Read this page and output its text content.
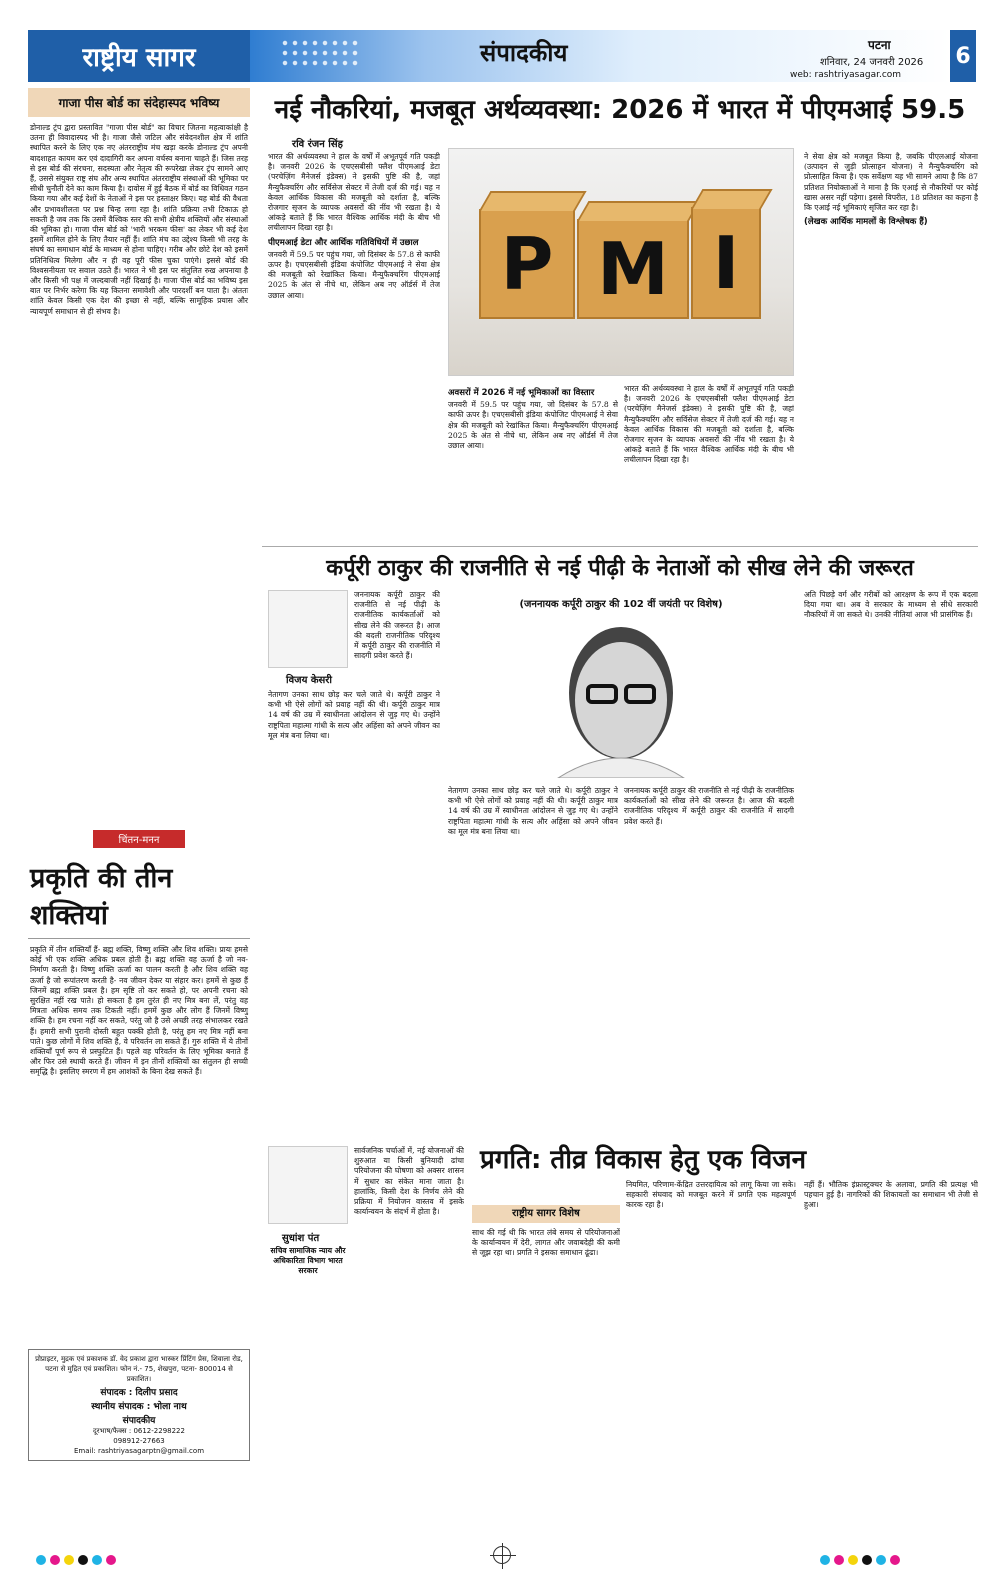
राष्ट्रीय सागर	संपादकीय	पटना
शनिवार, 24 जनवरी 2026
web: rashtriyasagar.com
6
गाजा पीस बोर्ड का संदेहास्पद भविष्य
डोनाल्ड ट्रंप द्वारा प्रस्तावित "गाजा पीस बोर्ड" का विचार जितना महत्वाकांक्षी है उतना ही विवादास्पद भी है। गाजा जैसे जटिल और संवेदनशील क्षेत्र में शांति स्थापित करने के लिए एक नए अंतरराष्ट्रीय मंच खड़ा करके डोनाल्ड ट्रंप अपनी बादशाहत कायम कर एवं दादागिरी कर अपना वर्चस्व बनाना चाहते हैं। जिस तरह से इस बोर्ड की संरचना, सदस्यता और नेतृत्व की रूपरेखा लेकर ट्रंप सामने आए हैं, उससे संयुक्त राष्ट्र संघ और अन्य स्थापित अंतरराष्ट्रीय संस्थाओं की भूमिका पर सीधी चुनौती देने का काम किया है। दावोस में हुई बैठक में बोर्ड का विधिवत गठन किया गया और कई देशों के नेताओं ने इस पर हस्ताक्षर किए। यह बोर्ड की वैधता और प्रभावशीलता पर प्रश्न चिन्ह लगा रहा है। शांति प्रक्रिया तभी टिकाऊ हो सकती है जब तक कि उसमें वैश्विक स्तर की सभी क्षेत्रीय शक्तियों और संस्थाओं की भूमिका हो। गाजा पीस बोर्ड को 'भारी भरकम फीस' का लेकर भी कई देश इसमें शामिल होने के लिए तैयार नहीं हैं। शांति मंच का उद्देश्य किसी भी तरह के संघर्ष का समाधान बोर्ड के माध्यम से होना चाहिए। गरीब और छोटे देश को इसमें प्रतिनिधित्व मिलेगा और न ही वह पूरी फीस चुका पाएंगे। इससे बोर्ड की विश्वसनीयता पर सवाल उठते हैं। भारत ने भी इस पर संतुलित रुख अपनाया है और किसी भी पक्ष में जल्दबाजी नहीं दिखाई है। गाजा पीस बोर्ड का भविष्य इस बात पर निर्भर करेगा कि यह कितना समावेशी और पारदर्शी बन पाता है। अंततः शांति केवल किसी एक देश की इच्छा से नहीं, बल्कि सामूहिक प्रयास और न्यायपूर्ण समाधान से ही संभव है।
चिंतन-मनन
प्रकृति की तीन शक्तियां
प्रकृति में तीन शक्तियाँ हैं- ब्रह्म शक्ति, विष्णु शक्ति और शिव शक्ति। प्रायः हमसे कोई भी एक शक्ति अधिक प्रबल होती है। ब्रह्म शक्ति वह ऊर्जा है जो नव-निर्माण करती है। विष्णु शक्ति ऊर्जा का पालन करती है और शिव शक्ति वह ऊर्जा है जो रूपांतरण करती है- नव जीवन देकर या संहार कर। हममें से कुछ हैं जिनमें ब्रह्म शक्ति प्रबल है। हम सृष्टि तो कर सकते हो, पर अपनी रचना को सुरक्षित नहीं रख पाते। हो सकता है हम तुरंत ही नए मित्र बना लें, परंतु वह मित्रता अधिक समय तक टिकती नहीं। हममें कुछ और लोग हैं जिनमें विष्णु शक्ति है। हम रचना नहीं कर सकते, परंतु जो है उसे अच्छी तरह संभालकर रखते हैं। हमारी सभी पुरानी दोस्ती बहुत पक्की होती है, परंतु हम नए मित्र नहीं बना पाते। कुछ लोगों में शिव शक्ति है, वे परिवर्तन ला सकते हैं। गुरु शक्ति में ये तीनों शक्तियाँ पूर्ण रूप से प्रस्फुटित हैं। पहले वह परिवर्तन के लिए भूमिका बनाते हैं और फिर उसे स्थायी करते हैं। जीवन में इन तीनों शक्तियों का संतुलन ही सच्ची समृद्धि है। इसलिए स्मरण में हम आशंकों के बिना देख सकते हैं।
प्रोप्राइटर, मुद्रक एवं प्रकाशक डॉ. वेद प्रकाश द्वारा भास्कर प्रिंटिंग प्रेस, शिवाला रोड, पटना से मुद्रित एवं प्रकाशित। फोन नं.- 75, शेखपुरा, पटना- 800014 से प्रकाशित।
संपादक : दिलीप प्रसाद
स्थानीय संपादक : भोला नाथ
संपादकीय
दूरभाष/फैक्स : 0612-2298222
098912-27663
Email: rashtriyasagarptn@gmail.com
नई नौकरियां, मजबूत अर्थव्यवस्था: 2026 में भारत में पीएमआई 59.5
रवि रंजन सिंह
भारत की अर्थव्यवस्था ने हाल के वर्षों में अभूतपूर्व गति पकड़ी है। जनवरी 2026 के एचएसबीसी फ्लैश पीएमआई डेटा (परचेज़िंग मैनेजर्स इंडेक्स) ने इसकी पुष्टि की है, जहां मैन्युफैक्चरिंग और सर्विसेज सेक्टर में तेजी दर्ज की गई। यह न केवल आर्थिक विकास की मजबूती को दर्शाता है, बल्कि रोजगार सृजन के व्यापक अवसरों की नींव भी रखता है। ये आंकड़े बताते हैं कि भारत वैश्विक आर्थिक मंदी के बीच भी लचीलापन दिखा रहा है।
पीएमआई डेटा और आर्थिक गतिविधियों में उछाल
जनवरी में 59.5 पर पहुंच गया, जो दिसंबर के 57.8 से काफी ऊपर है। एचएसबीसी इंडिया कंपोजिट पीएमआई ने सेवा क्षेत्र की मजबूती को रेखांकित किया। मैन्युफैक्चरिंग पीएमआई 2025 के अंत से नीचे था, लेकिन अब नए ऑर्डर्स में तेज उछाल आया।	P M I
अवसरों में 2026 में नई भूमिकाओं का विस्तार
जनवरी में 59.5 पर पहुंच गया, जो दिसंबर के 57.8 से काफी ऊपर है। एचएसबीसी इंडिया कंपोजिट पीएमआई ने सेवा क्षेत्र की मजबूती को रेखांकित किया। मैन्युफैक्चरिंग पीएमआई 2025 के अंत से नीचे था, लेकिन अब नए ऑर्डर्स में तेज उछाल आया।
भारत की अर्थव्यवस्था ने हाल के वर्षों में अभूतपूर्व गति पकड़ी है। जनवरी 2026 के एचएसबीसी फ्लैश पीएमआई डेटा (परचेज़िंग मैनेजर्स इंडेक्स) ने इसकी पुष्टि की है, जहां मैन्युफैक्चरिंग और सर्विसेज सेक्टर में तेजी दर्ज की गई। यह न केवल आर्थिक विकास की मजबूती को दर्शाता है, बल्कि रोजगार सृजन के व्यापक अवसरों की नींव भी रखता है। ये आंकड़े बताते हैं कि भारत वैश्विक आर्थिक मंदी के बीच भी लचीलापन दिखा रहा है।
ने सेवा क्षेत्र को मजबूत किया है, जबकि पीएलआई योजना (उत्पादन से जुड़ी प्रोत्साहन योजना) ने मैन्युफैक्चरिंग को प्रोत्साहित किया है। एक सर्वेक्षण यह भी सामने आया है कि 87 प्रतिशत नियोक्ताओं ने माना है कि एआई से नौकरियों पर कोई खास असर नहीं पड़ेगा। इससे विपरीत, 18 प्रतिशत का कहना है कि एआई नई भूमिकाएं सृजित कर रहा है।
(लेखक आर्थिक मामलों के विश्लेषक हैं)
कर्पूरी ठाकुर की राजनीति से नई पीढ़ी के नेताओं को सीख लेने की जरूरत
विजय केसरी
जननायक कर्पूरी ठाकुर की राजनीति से नई पीढ़ी के राजनीतिक कार्यकर्ताओं को सीख लेने की जरूरत है। आज की बदली राजनीतिक परिदृश्य में कर्पूरी ठाकुर की राजनीति में सादगी प्रवेश करते हैं।
(जननायक कर्पूरी ठाकुर की 102 वीं जयंती पर विशेष)
नेतागण उनका साथ छोड़ कर चले जाते थे। कर्पूरी ठाकुर ने कभी भी ऐसे लोगों को प्रवाह नहीं की थी। कर्पूरी ठाकुर मात्र 14 वर्ष की उम्र में स्वाधीनता आंदोलन से जुड़ गए थे। उन्होंने राष्ट्रपिता महात्मा गांधी के सत्य और अहिंसा को अपने जीवन का मूल मंत्र बना लिया था।
नेतागण उनका साथ छोड़ कर चले जाते थे। कर्पूरी ठाकुर ने कभी भी ऐसे लोगों को प्रवाह नहीं की थी। कर्पूरी ठाकुर मात्र 14 वर्ष की उम्र में स्वाधीनता आंदोलन से जुड़ गए थे। उन्होंने राष्ट्रपिता महात्मा गांधी के सत्य और अहिंसा को अपने जीवन का मूल मंत्र बना लिया था।
जननायक कर्पूरी ठाकुर की राजनीति से नई पीढ़ी के राजनीतिक कार्यकर्ताओं को सीख लेने की जरूरत है। आज की बदली राजनीतिक परिदृश्य में कर्पूरी ठाकुर की राजनीति में सादगी प्रवेश करते हैं।
अति पिछड़े वर्ग और गरीबों को आरक्षण के रूप में एक बदला दिया गया था। अब वे सरकार के माध्यम से सीधे सरकारी नौकरियों में जा सकते थे। उनकी नीतियां आज भी प्रासंगिक हैं।
प्रगति: तीव्र विकास हेतु एक विजन
सुधांश पंत
सचिव सामाजिक न्याय और अधिकारिता विभाग भारत सरकार
सार्वजनिक चर्चाओं में, नई योजनाओं की शुरुआत या किसी बुनियादी ढांचा परियोजना की घोषणा को अक्सर शासन में सुधार का संकेत माना जाता है। हालांकि, किसी देश के निर्णय लेने की प्रक्रिया में नियोजन वास्तव में इसके कार्यान्वयन के संदर्भ में होता है।	राष्ट्रीय सागर विशेष
साथ की गई थी कि भारत लंबे समय से परियोजनाओं के कार्यान्वयन में देरी, लागत और जवाबदेही की कमी से जूझ रहा था। प्रगति ने इसका समाधान ढूंढा।
नियमित, परिणाम-केंद्रित उत्तरदायित्व को लागू किया जा सके। सहकारी संघवाद को मजबूत करने में प्रगति एक महत्वपूर्ण कारक रहा है।
नहीं हैं। भौतिक इंफ्रास्ट्रक्चर के अलावा, प्रगति की प्रत्यक्ष भी पहचान हुई है। नागरिकों की शिकायतों का समाधान भी तेजी से हुआ।
